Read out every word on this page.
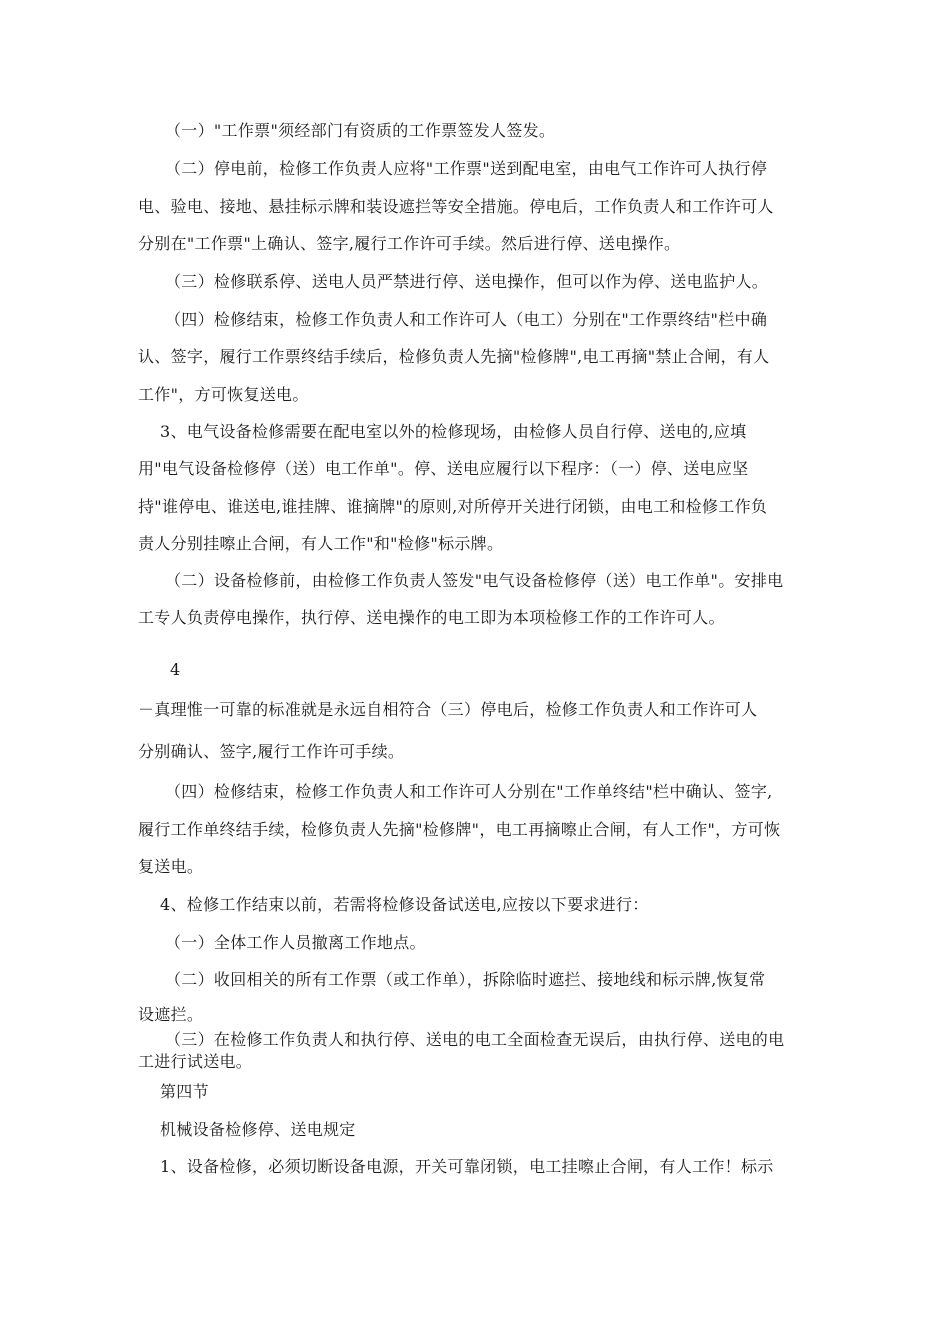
（一）"工作票"须经部门有资质的工作票签发人签发。
（二）停电前，检修工作负责人应将"工作票"送到配电室，由电气工作许可人执行停
电、验电、接地、悬挂标示牌和装设遮拦等安全措施。停电后，工作负责人和工作许可人
分别在"工作票"上确认、签字,履行工作许可手续。然后进行停、送电操作。
（三）检修联系停、送电人员严禁进行停、送电操作，但可以作为停、送电监护人。
（四）检修结束，检修工作负责人和工作许可人（电工）分别在"工作票终结"栏中确
认、签字，履行工作票终结手续后，检修负责人先摘"检修牌",电工再摘"禁止合闸，有人
工作"，方可恢复送电。
3、电气设备检修需要在配电室以外的检修现场，由检修人员自行停、送电的,应填
用"电气设备检修停（送）电工作单"。停、送电应履行以下程序：（一）停、送电应坚
持"谁停电、谁送电,谁挂牌、谁摘牌"的原则,对所停开关进行闭锁，由电工和检修工作负
责人分别挂嚓止合闸，有人工作"和"检修"标示牌。
（二）设备检修前，由检修工作负责人签发"电气设备检修停（送）电工作单"。安排电
工专人负责停电操作，执行停、送电操作的电工即为本项检修工作的工作许可人。
4
－真理惟一可靠的标准就是永远自相符合（三）停电后，检修工作负责人和工作许可人
分别确认、签字,履行工作许可手续。
（四）检修结束，检修工作负责人和工作许可人分别在"工作单终结"栏中确认、签字,
履行工作单终结手续，检修负责人先摘"检修牌"，电工再摘嚓止合闸，有人工作"，方可恢
复送电。
4、检修工作结束以前，若需将检修设备试送电,应按以下要求进行：
（一）全体工作人员撤离工作地点。
（二）收回相关的所有工作票（或工作单），拆除临时遮拦、接地线和标示牌,恢复常
设遮拦。
（三）在检修工作负责人和执行停、送电的电工全面检查无误后，由执行停、送电的电
工进行试送电。
第四节
机械设备检修停、送电规定
1、设备检修，必须切断设备电源，开关可靠闭锁，电工挂嚓止合闸，有人工作！标示
